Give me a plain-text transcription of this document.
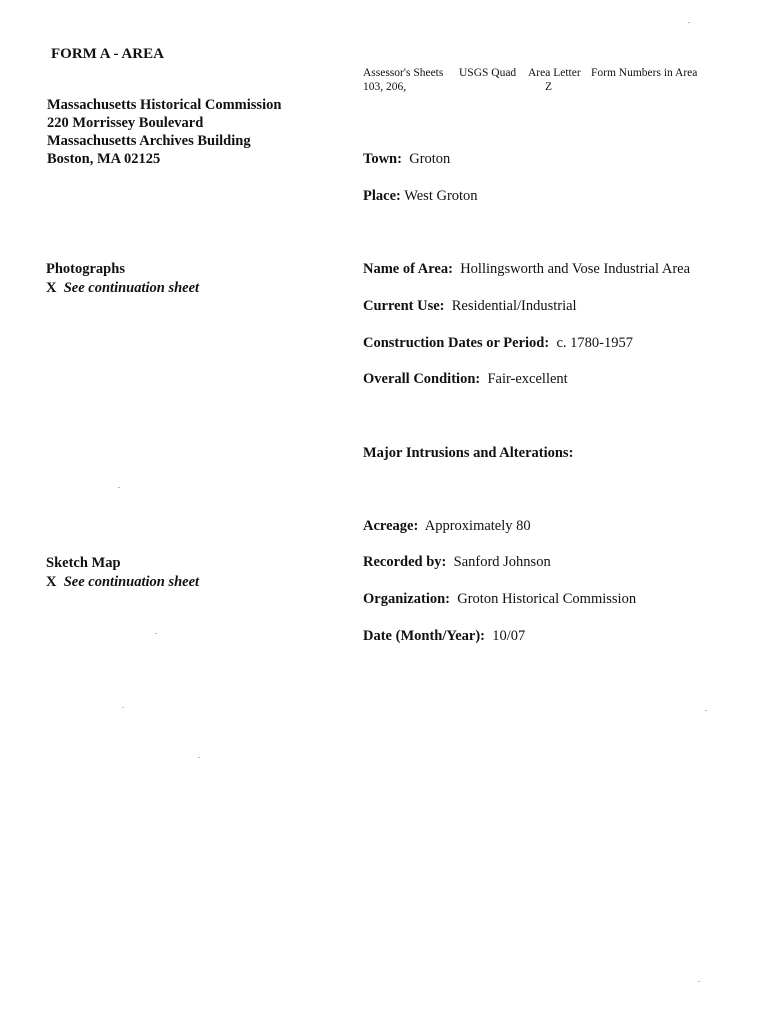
FORM A - AREA
Massachusetts Historical Commission
220 Morrissey Boulevard
Massachusetts Archives Building
Boston, MA 02125
Assessor's Sheets USGS Quad Area Letter Form Numbers in Area
103, 206,	Z
Photographs
X See continuation sheet
Sketch Map
X See continuation sheet
Town: Groton
Place: West Groton
Name of Area: Hollingsworth and Vose Industrial Area
Current Use: Residential/Industrial
Construction Dates or Period: c. 1780-1957
Overall Condition: Fair-excellent
Major Intrusions and Alterations:
Acreage: Approximately 80
Recorded by: Sanford Johnson
Organization: Groton Historical Commission
Date (Month/Year): 10/07
